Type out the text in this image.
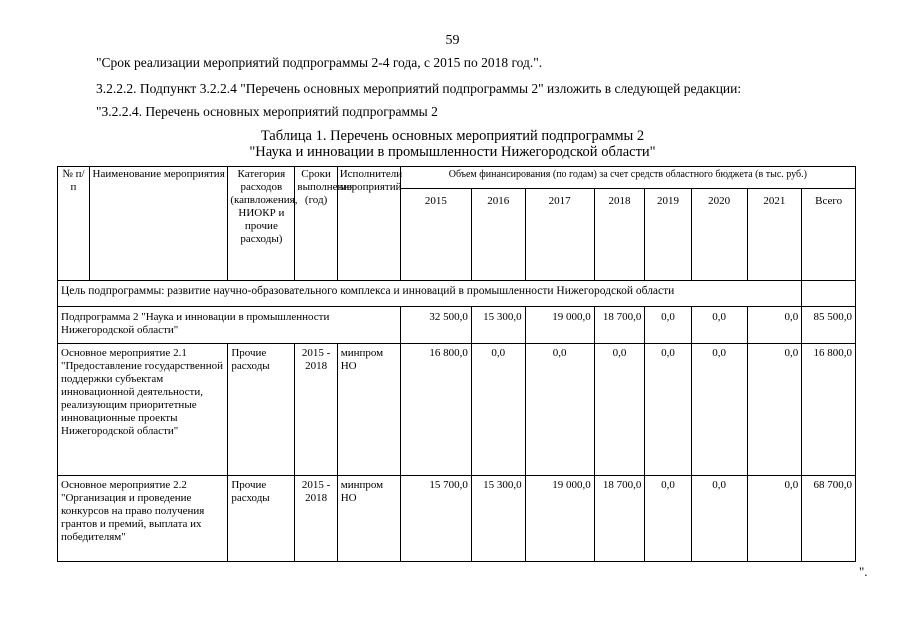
59
"Срок реализации мероприятий подпрограммы 2-4 года, с 2015 по 2018 год.".
3.2.2.2. Подпункт 3.2.2.4 "Перечень основных мероприятий подпрограммы 2" изложить в следующей редакции:
"3.2.2.4. Перечень основных мероприятий подпрограммы 2
Таблица 1. Перечень основных мероприятий подпрограммы 2
"Наука и инновации в промышленности Нижегородской области"
№ п/п	Наименование мероприятия	Категория расходов (капвложения, НИОКР и прочие расходы)	Сроки выполнения (год)	Исполнители мероприятий	Объем финансирования (по годам) за счет средств областного бюджета (в тыс. руб.)							
					2015	2016	2017	2018	2019	2020	2021	Всего
Цель подпрограммы: развитие научно-образовательного комплекса и инноваций в промышленности Нижегородской области												
Подпрограмма 2 "Наука и инновации в промышленности Нижегородской области"					32 500,0	15 300,0	19 000,0	18 700,0	0,0	0,0	0,0	85 500,0
Основное мероприятие 2.1 "Предоставление государственной поддержки субъектам инновационной деятельности, реализующим приоритетные инновационные проекты Нижегородской области"		Прочие расходы	2015 - 2018	минпром НО	16 800,0	0,0	0,0	0,0	0,0	0,0	0,0	16 800,0
Основное мероприятие 2.2 "Организация и проведение конкурсов на право получения грантов и премий, выплата их победителям"		Прочие расходы	2015 - 2018	минпром НО	15 700,0	15 300,0	19 000,0	18 700,0	0,0	0,0	0,0	68 700,0
".
